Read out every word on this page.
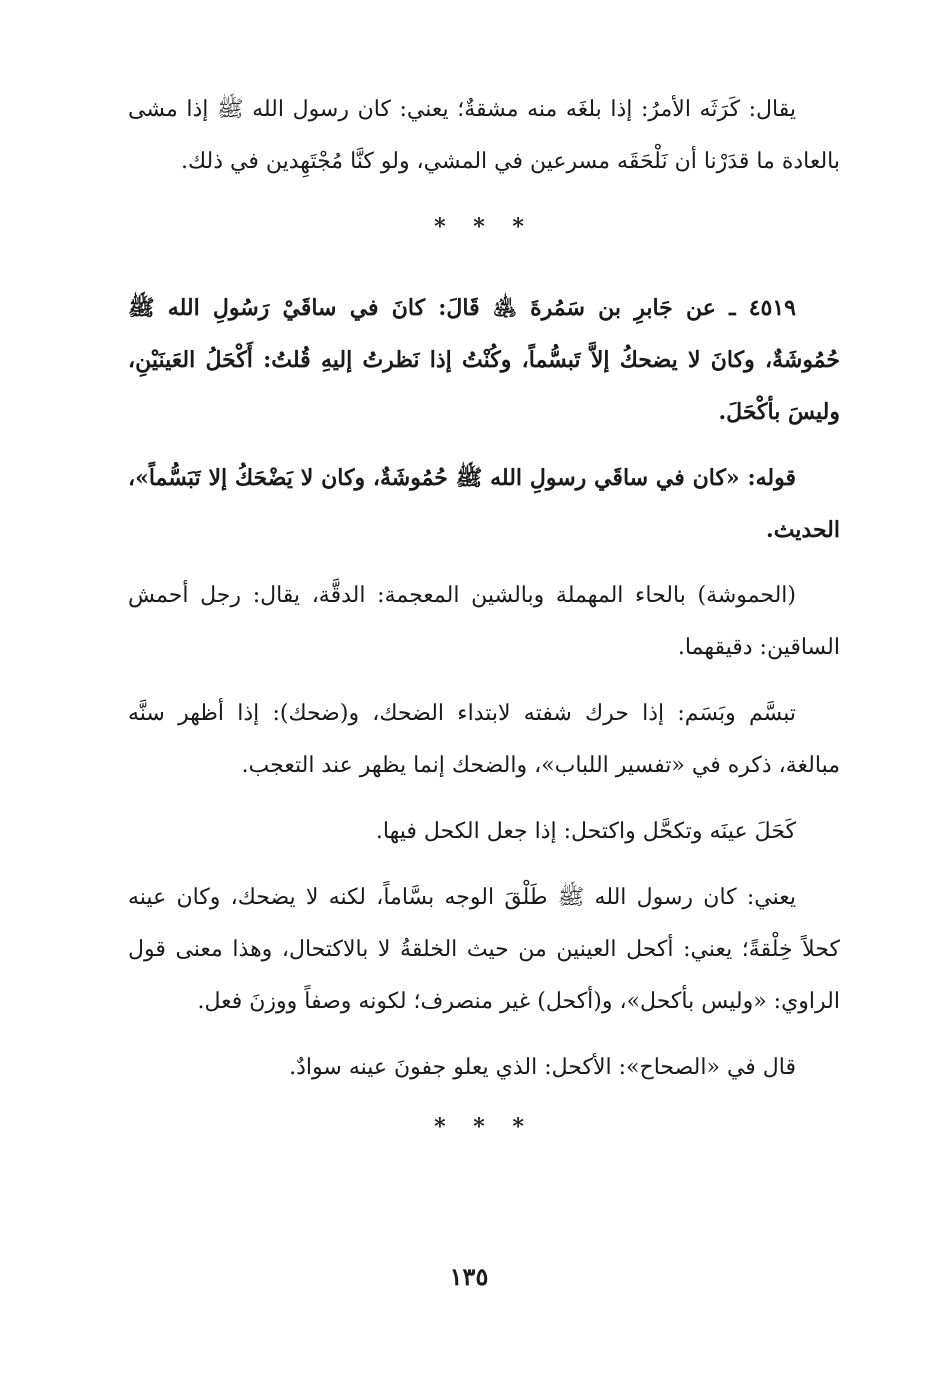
يقال: كَرَثَه الأمرُ: إذا بلغَه منه مشقةٌ؛ يعني: كان رسول الله ﷺ إذا مشى بالعادة ما قدَرْنا أن نَلْحَقَه مسرعين في المشي، ولو كنَّا مُجْتَهِدين في ذلك.

* * *

٤٥١٩ ـ عن جَابرِ بن سَمُرةَ ﵁ قَالَ: كانَ في ساقَيْ رَسُولِ الله ﷺ حُمُوشَةٌ، وكانَ لا يضحكُ إلاَّ تَبسُّماً، وكُنْتُ إذا نَظرتُ إليهِ قُلتُ: أَكْحَلُ العَينَيْنِ، وليسَ بأكْحَلَ.

قوله: «كان في ساقَي رسولِ الله ﷺ حُمُوشَةٌ، وكان لا يَضْحَكُ إلا تَبَسُّماً»، الحديث.

(الحموشة) بالحاء المهملة وبالشين المعجمة: الدقَّة، يقال: رجل أحمش الساقين: دقيقهما.

تبسَّم وبَسَم: إذا حرك شفته لابتداء الضحك، و(ضحك): إذا أظهر سنَّه مبالغة، ذكره في «تفسير اللباب»، والضحك إنما يظهر عند التعجب.

كَحَلَ عينَه وتكحَّل واكتحل: إذا جعل الكحل فيها.

يعني: كان رسول الله ﷺ طَلْقَ الوجه بسَّاماً، لكنه لا يضحك، وكان عينه كحلاً خِلْقةً؛ يعني: أكحل العينين من حيث الخلقةُ لا بالاكتحال، وهذا معنى قول الراوي: «وليس بأكحل»، و(أكحل) غير منصرف؛ لكونه وصفاً ووزنَ فعل.

قال في «الصحاح»: الأكحل: الذي يعلو جفونَ عينه سوادٌ.

* * *
١٣٥
